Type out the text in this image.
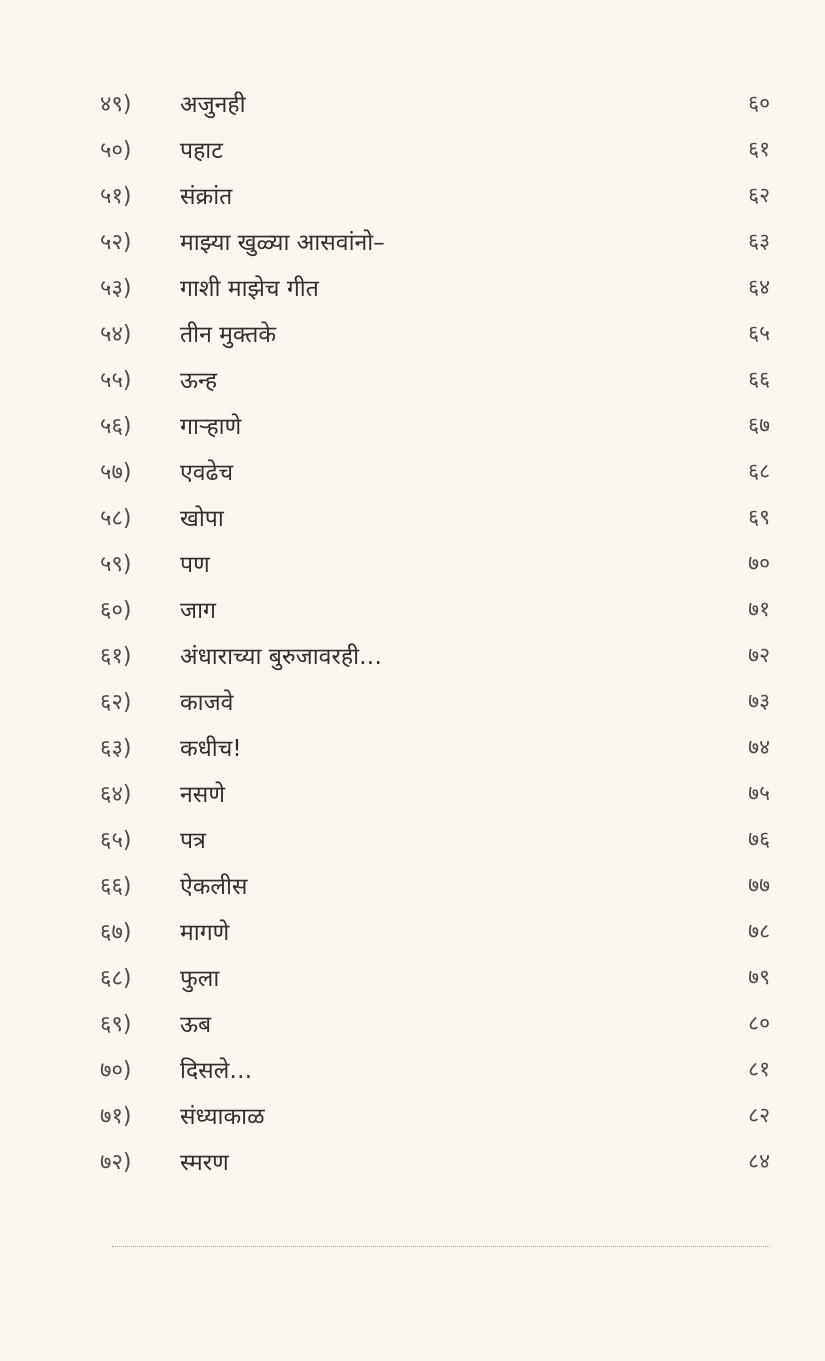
४९)	अजुनही	६०
५०)	पहाट	६१
५१)	संक्रांत	६२
५२)	माझ्या खुळ्या आसवांनो–	६३
५३)	गाशी माझेच गीत	६४
५४)	तीन मुक्तके	६५
५५)	ऊन्ह	६६
५६)	गाऱ्हाणे	६७
५७)	एवढेच	६८
५८)	खोपा	६९
५९)	पण	७०
६०)	जाग	७१
६१)	अंधाराच्या बुरुजावरही…	७२
६२)	काजवे	७३
६३)	कधीच!	७४
६४)	नसणे	७५
६५)	पत्र	७६
६६)	ऐकलीस	७७
६७)	मागणे	७८
६८)	फुला	७९
६९)	ऊब	८०
७०)	दिसले…	८१
७१)	संध्याकाळ	८२
७२)	स्मरण	८४
